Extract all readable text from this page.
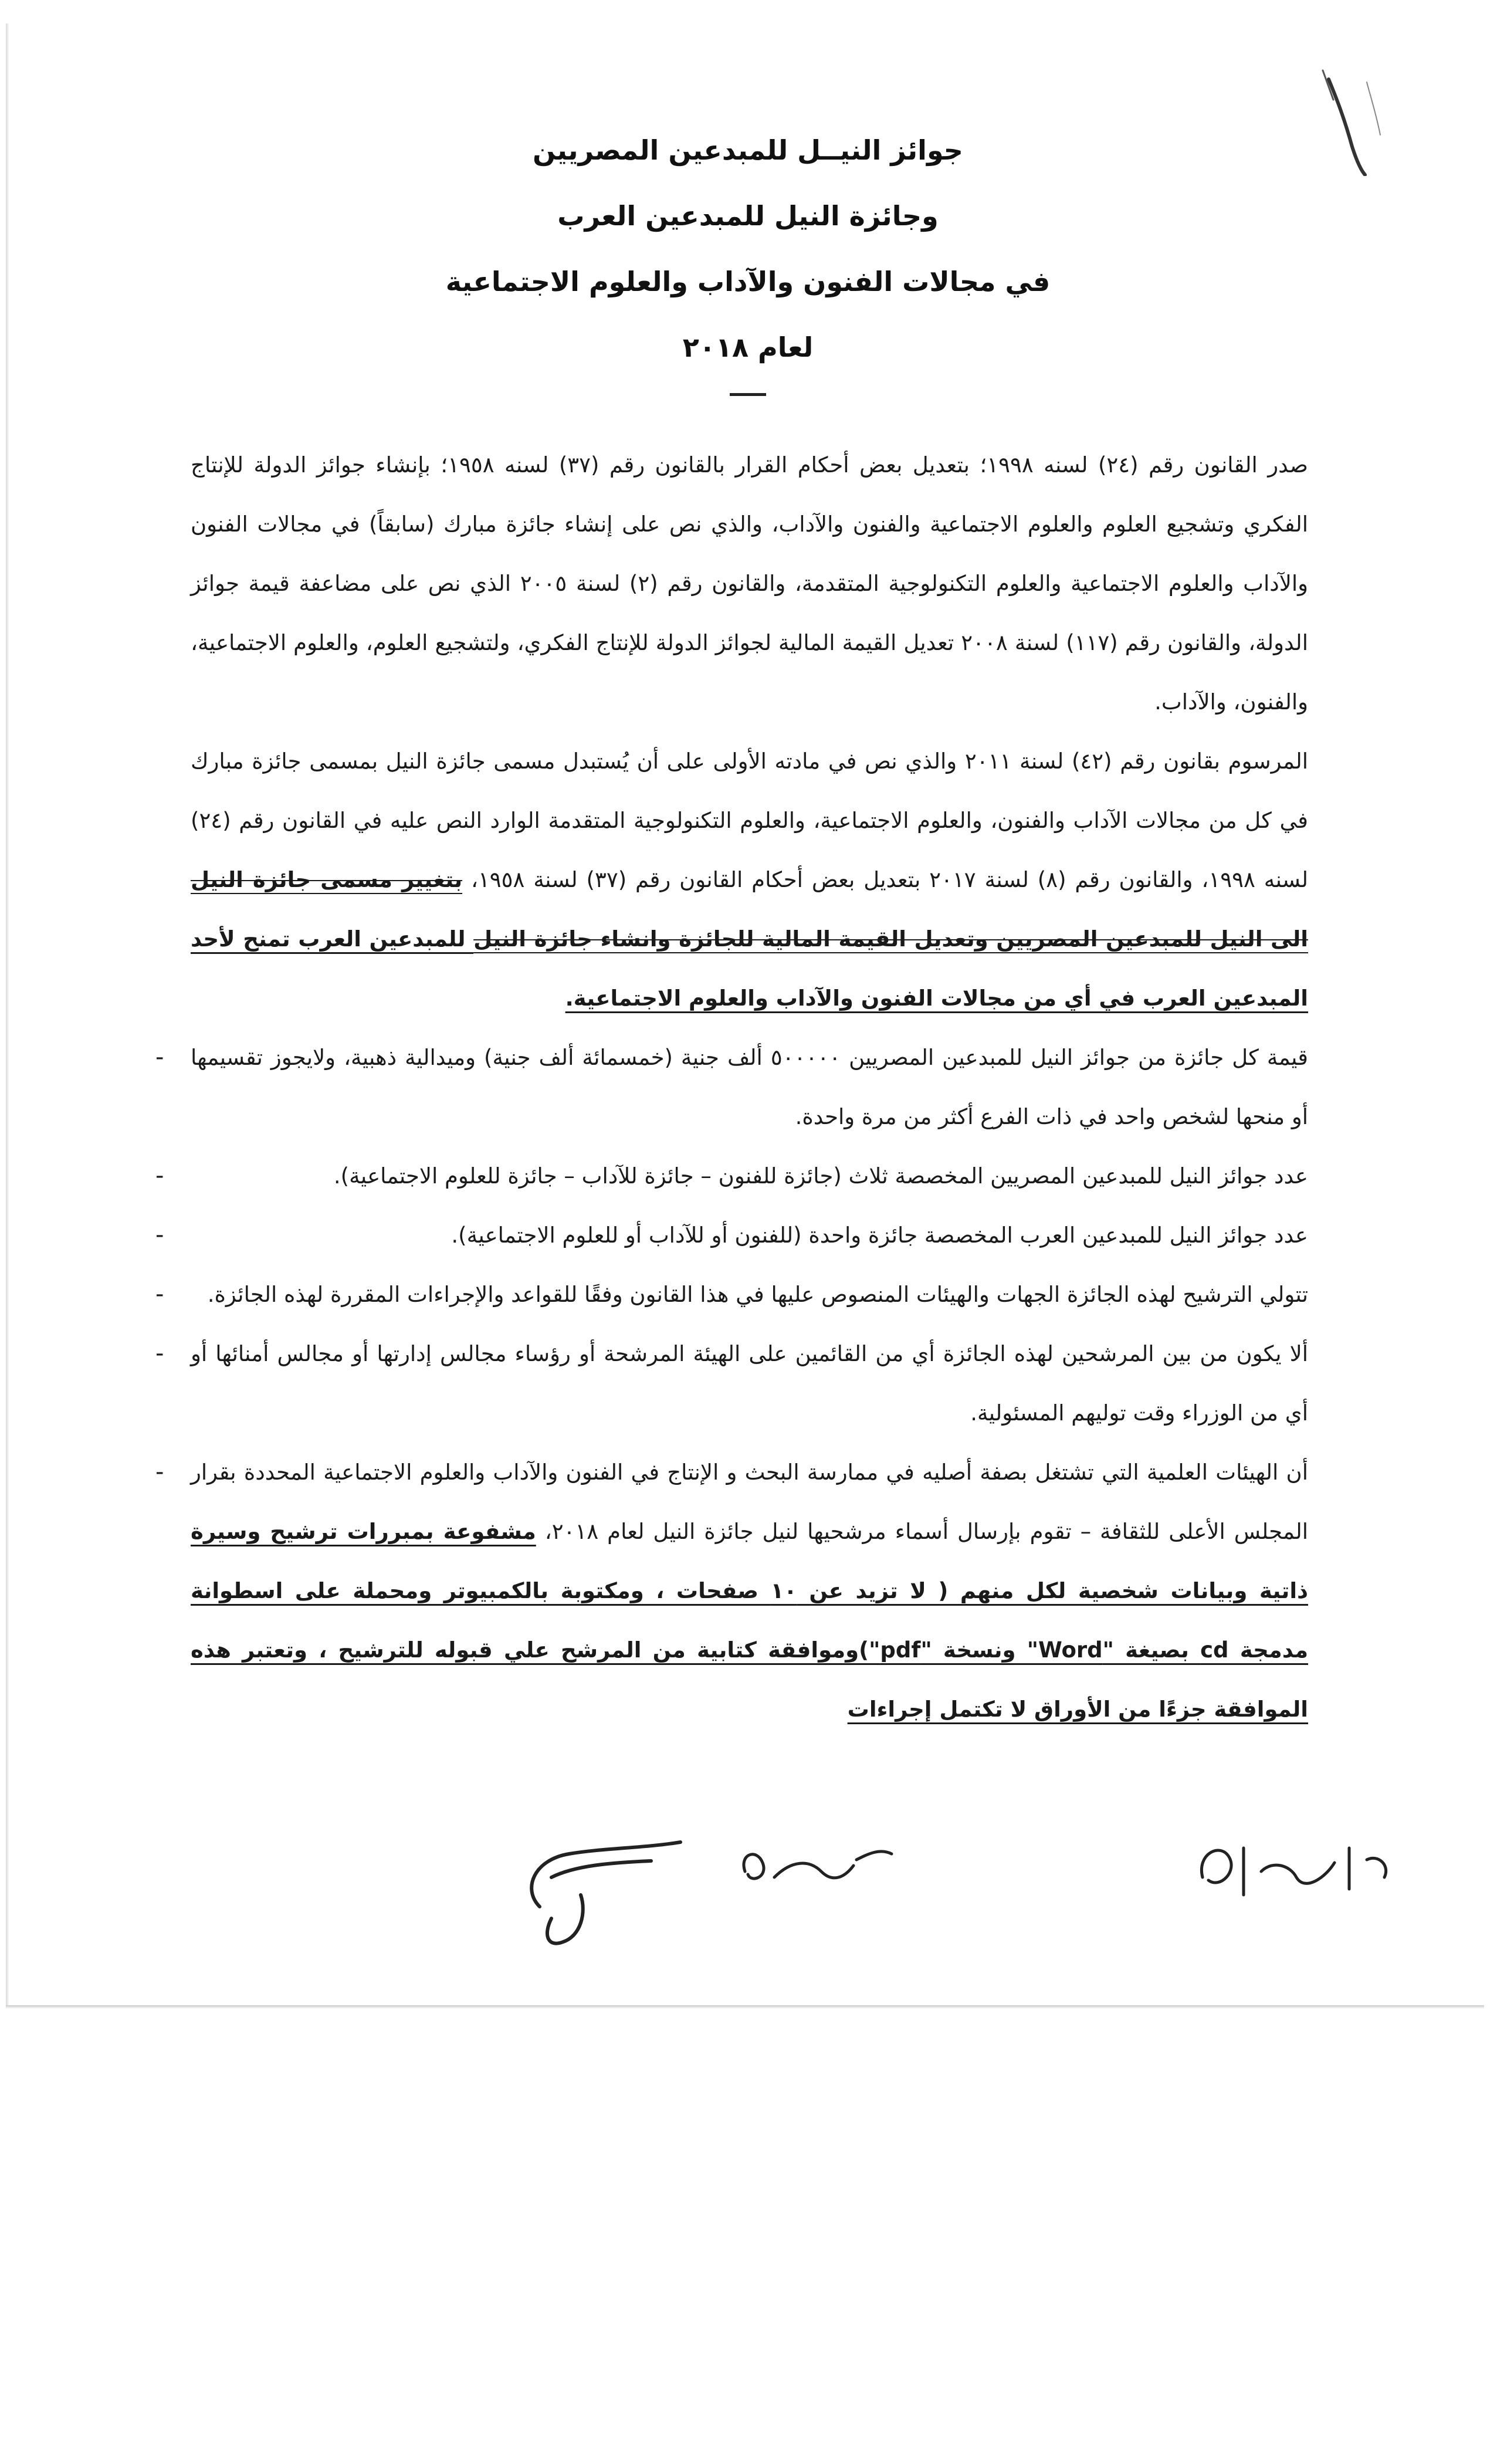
جوائز النيــل للمبدعين المصريين

وجائزة النيل للمبدعين العرب

في مجالات الفنون والآداب والعلوم الاجتماعية

لعام ٢٠١٨

صدر القانون رقم (٢٤) لسنه ١٩٩٨؛ بتعديل بعض أحكام القرار بالقانون رقم (٣٧) لسنه ١٩٥٨؛ بإنشاء جوائز الدولة للإنتاج الفكري وتشجيع العلوم والعلوم الاجتماعية والفنون والآداب، والذي نص على إنشاء جائزة مبارك (سابقاً) في مجالات الفنون والآداب والعلوم الاجتماعية والعلوم التكنولوجية المتقدمة، والقانون رقم (٢) لسنة ٢٠٠٥ الذي نص على مضاعفة قيمة جوائز الدولة، والقانون رقم (١١٧) لسنة ٢٠٠٨ تعديل القيمة المالية لجوائز الدولة للإنتاج الفكري، ولتشجيع العلوم، والعلوم الاجتماعية، والفنون، والآداب.

المرسوم بقانون رقم (٤٢) لسنة ٢٠١١ والذي نص في مادته الأولى على أن يُستبدل مسمى جائزة النيل بمسمى جائزة مبارك في كل من مجالات الآداب والفنون، والعلوم الاجتماعية، والعلوم التكنولوجية المتقدمة الوارد النص عليه في القانون رقم (٢٤) لسنه ١٩٩٨، والقانون رقم (٨) لسنة ٢٠١٧ بتعديل بعض أحكام القانون رقم (٣٧) لسنة ١٩٥٨، بتغيير مسمى جائزة النيل الى النيل للمبدعين المصريين وتعديل القيمة المالية للجائزة وانشاء جائزة النيل للمبدعين العرب تمنح لأحد المبدعين العرب في أي من مجالات الفنون والآداب والعلوم الاجتماعية.

- قيمة كل جائزة من جوائز النيل للمبدعين المصريين ٥٠٠٠٠٠ ألف جنية (خمسمائة ألف جنية) وميدالية ذهبية، ولايجوز تقسيمها أو منحها لشخص واحد في ذات الفرع أكثر من مرة واحدة.
-	عدد جوائز النيل للمبدعين المصريين المخصصة ثلاث (جائزة للفنون – جائزة للآداب – جائزة للعلوم الاجتماعية).
-	عدد جوائز النيل للمبدعين العرب المخصصة جائزة واحدة (للفنون أو للآداب أو للعلوم الاجتماعية).
- تتولي الترشيح لهذه الجائزة الجهات والهيئات المنصوص عليها في هذا القانون وفقًا للقواعد والإجراءات المقررة لهذه الجائزة.
- ألا يكون من بين المرشحين لهذه الجائزة أي من القائمين على الهيئة المرشحة أو رؤساء مجالس إدارتها أو مجالس أمنائها أو أي من الوزراء وقت توليهم المسئولية.
- أن الهيئات العلمية التي تشتغل بصفة أصليه في ممارسة البحث و الإنتاج في الفنون والآداب والعلوم الاجتماعية المحددة بقرار المجلس الأعلى للثقافة – تقوم بإرسال أسماء مرشحيها لنيل جائزة النيل لعام ٢٠١٨، مشفوعة بمبررات ترشيح وسيرة ذاتية وبيانات شخصية لكل منهم ( لا تزيد عن ١٠ صفحات ، ومكتوبة بالكمبيوتر ومحملة على اسطوانة مدمجة cd بصيغة "Word" ونسخة "pdf")وموافقة كتابية من المرشح علي قبوله للترشيح ، وتعتبر هذه الموافقة جزءًا من الأوراق لا تكتمل إجراءات
